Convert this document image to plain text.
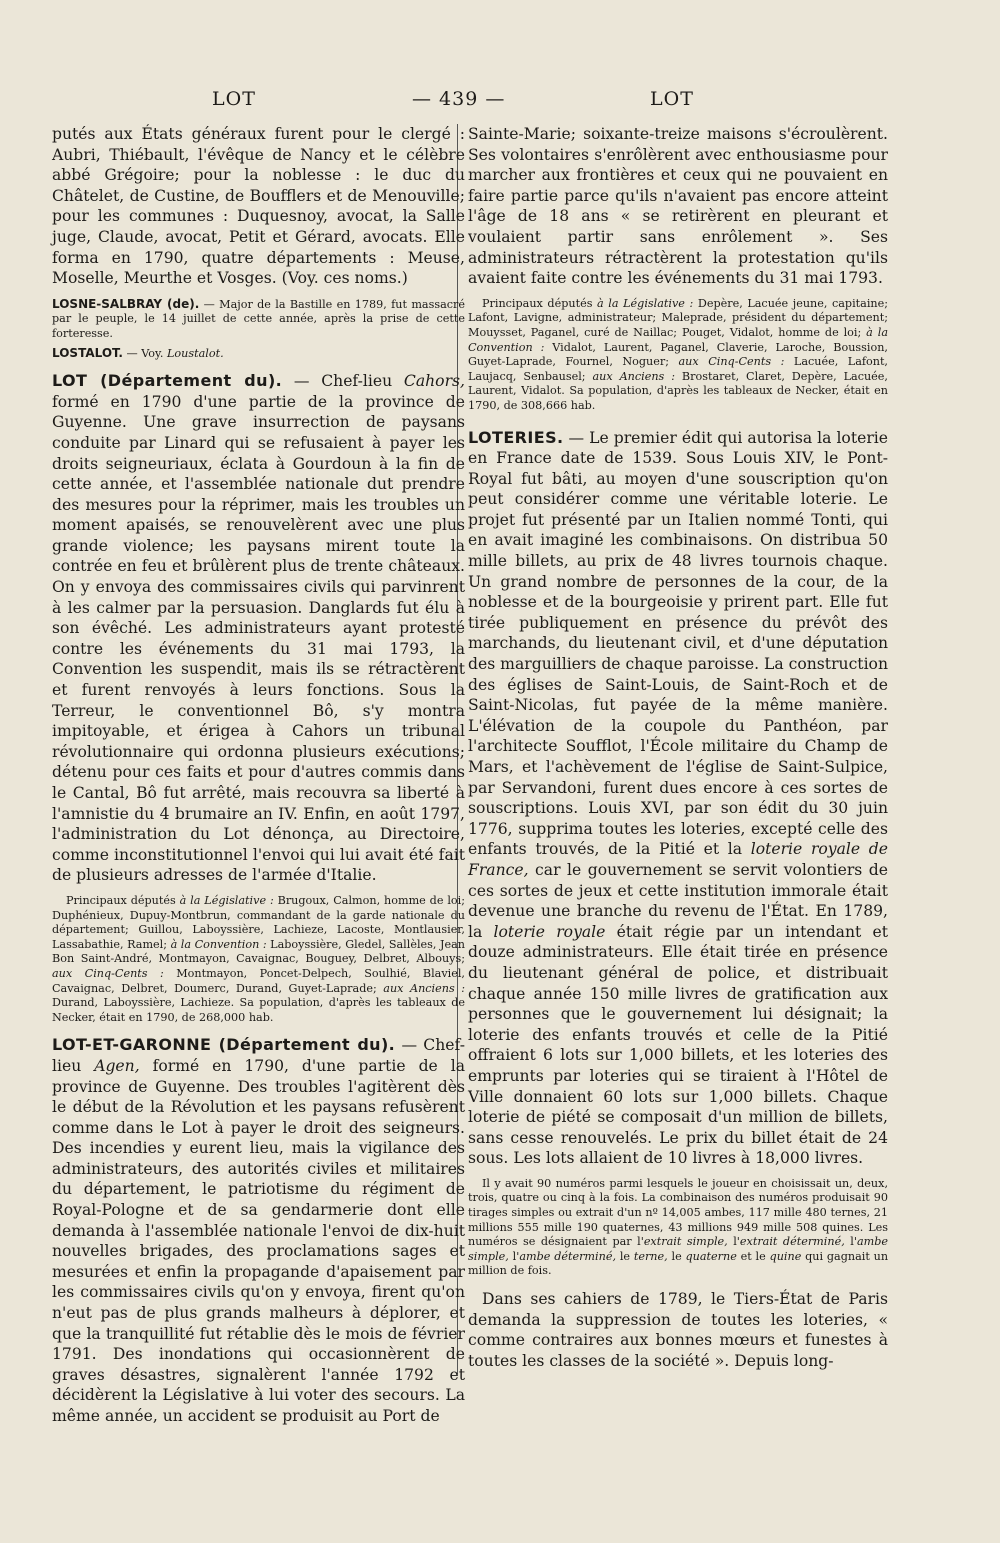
LOT	— 439 —	LOT

putés aux États généraux furent pour le clergé : Aubri, Thiébault, l'évêque de Nancy et le célèbre abbé Grégoire; pour la noblesse : le duc du Châtelet, de Custine, de Boufflers et de Menouville; pour les communes : Duquesnoy, avocat, la Salle juge, Claude, avocat, Petit et Gérard, avocats. Elle forma en 1790, quatre départements : Meuse, Moselle, Meurthe et Vosges. (Voy. ces noms.)

LOSNE-SALBRAY (de). — Major de la Bastille en 1789, fut massacré par le peuple, le 14 juillet de cette année, après la prise de cette forteresse.

LOSTALOT. — Voy. Loustalot.

LOT (Département du). — Chef-lieu Cahors, formé en 1790 d'une partie de la province de Guyenne. Une grave insurrection de paysans conduite par Linard qui se refusaient à payer les droits seigneuriaux, éclata à Gourdoun à la fin de cette année, et l'assemblée nationale dut prendre des mesures pour la réprimer, mais les troubles un moment apaisés, se renouvelèrent avec une plus grande violence; les paysans mirent toute la contrée en feu et brûlèrent plus de trente châteaux. On y envoya des commissaires civils qui parvinrent à les calmer par la persuasion. Danglards fut élu à son évêché. Les administrateurs ayant protesté contre les événements du 31 mai 1793, la Convention les suspendit, mais ils se rétractèrent et furent renvoyés à leurs fonctions. Sous la Terreur, le conventionnel Bô, s'y montra impitoyable, et érigea à Cahors un tribunal révolutionnaire qui ordonna plusieurs exécutions; détenu pour ces faits et pour d'autres commis dans le Cantal, Bô fut arrêté, mais recouvra sa liberté à l'amnistie du 4 brumaire an IV. Enfin, en août 1797, l'administration du Lot dénonça, au Directoire, comme inconstitutionnel l'envoi qui lui avait été fait de plusieurs adresses de l'armée d'Italie.

Principaux députés à la Législative : Brugoux, Calmon, homme de loi; Duphénieux, Dupuy-Montbrun, commandant de la garde nationale du département; Guillou, Laboyssière, Lachieze, Lacoste, Montlausier, Lassabathie, Ramel; à la Convention : Laboyssière, Gledel, Sallèles, Jean Bon Saint-André, Montmayon, Cavaignac, Bouguey, Delbret, Albouys; aux Cinq-Cents : Montmayon, Poncet-Delpech, Soulhié, Blaviel, Cavaignac, Delbret, Doumerc, Durand, Guyet-Laprade; aux Anciens : Durand, Laboyssière, Lachieze. Sa population, d'après les tableaux de Necker, était en 1790, de 268,000 hab.

LOT-ET-GARONNE (Département du). — Chef-lieu Agen, formé en 1790, d'une partie de la province de Guyenne. Des troubles l'agitèrent dès le début de la Révolution et les paysans refusèrent comme dans le Lot à payer le droit des seigneurs. Des incendies y eurent lieu, mais la vigilance des administrateurs, des autorités civiles et militaires du département, le patriotisme du régiment de Royal-Pologne et de sa gendarmerie dont elle demanda à l'assemblée nationale l'envoi de dix-huit nouvelles brigades, des proclamations sages et mesurées et enfin la propagande d'apaisement par les commissaires civils qu'on y envoya, firent qu'on n'eut pas de plus grands malheurs à déplorer, et que la tranquillité fut rétablie dès le mois de février 1791. Des inondations qui occasionnèrent de graves désastres, signalèrent l'année 1792 et décidèrent la Législative à lui voter des secours. La même année, un accident se produisit au Port de

Sainte-Marie; soixante-treize maisons s'écroulèrent. Ses volontaires s'enrôlèrent avec enthousiasme pour marcher aux frontières et ceux qui ne pouvaient en faire partie parce qu'ils n'avaient pas encore atteint l'âge de 18 ans « se retirèrent en pleurant et voulaient partir sans enrôlement ». Ses administrateurs rétractèrent la protestation qu'ils avaient faite contre les événements du 31 mai 1793.

Principaux députés à la Législative : Depère, Lacuée jeune, capitaine; Lafont, Lavigne, administrateur; Maleprade, président du département; Mouysset, Paganel, curé de Naillac; Pouget, Vidalot, homme de loi; à la Convention : Vidalot, Laurent, Paganel, Claverie, Laroche, Boussion, Guyet-Laprade, Fournel, Noguer; aux Cinq-Cents : Lacuée, Lafont, Laujacq, Senbausel; aux Anciens : Brostaret, Claret, Depère, Lacuée, Laurent, Vidalot. Sa population, d'après les tableaux de Necker, était en 1790, de 308,666 hab.

LOTERIES. — Le premier édit qui autorisa la loterie en France date de 1539. Sous Louis XIV, le Pont-Royal fut bâti, au moyen d'une souscription qu'on peut considérer comme une véritable loterie. Le projet fut présenté par un Italien nommé Tonti, qui en avait imaginé les combinaisons. On distribua 50 mille billets, au prix de 48 livres tournois chaque. Un grand nombre de personnes de la cour, de la noblesse et de la bourgeoisie y prirent part. Elle fut tirée publiquement en présence du prévôt des marchands, du lieutenant civil, et d'une députation des marguilliers de chaque paroisse. La construction des églises de Saint-Louis, de Saint-Roch et de Saint-Nicolas, fut payée de la même manière. L'élévation de la coupole du Panthéon, par l'architecte Soufflot, l'École militaire du Champ de Mars, et l'achèvement de l'église de Saint-Sulpice, par Servandoni, furent dues encore à ces sortes de souscriptions. Louis XVI, par son édit du 30 juin 1776, supprima toutes les loteries, excepté celle des enfants trouvés, de la Pitié et la loterie royale de France, car le gouvernement se servit volontiers de ces sortes de jeux et cette institution immorale était devenue une branche du revenu de l'État. En 1789, la loterie royale était régie par un intendant et douze administrateurs. Elle était tirée en présence du lieutenant général de police, et distribuait chaque année 150 mille livres de gratification aux personnes que le gouvernement lui désignait; la loterie des enfants trouvés et celle de la Pitié offraient 6 lots sur 1,000 billets, et les loteries des emprunts par loteries qui se tiraient à l'Hôtel de Ville donnaient 60 lots sur 1,000 billets. Chaque loterie de piété se composait d'un million de billets, sans cesse renouvelés. Le prix du billet était de 24 sous. Les lots allaient de 10 livres à 18,000 livres.

Il y avait 90 numéros parmi lesquels le joueur en choisissait un, deux, trois, quatre ou cinq à la fois. La combinaison des numéros produisait 90 tirages simples ou extrait d'un nº 14,005 ambes, 117 mille 480 ternes, 21 millions 555 mille 190 quaternes, 43 millions 949 mille 508 quines. Les numéros se désignaient par l'extrait simple, l'extrait déterminé, l'ambe simple, l'ambe déterminé, le terne, le quaterne et le quine qui gagnait un million de fois.

Dans ses cahiers de 1789, le Tiers-État de Paris demanda la suppression de toutes les loteries, « comme contraires aux bonnes mœurs et funestes à toutes les classes de la société ». Depuis long-
